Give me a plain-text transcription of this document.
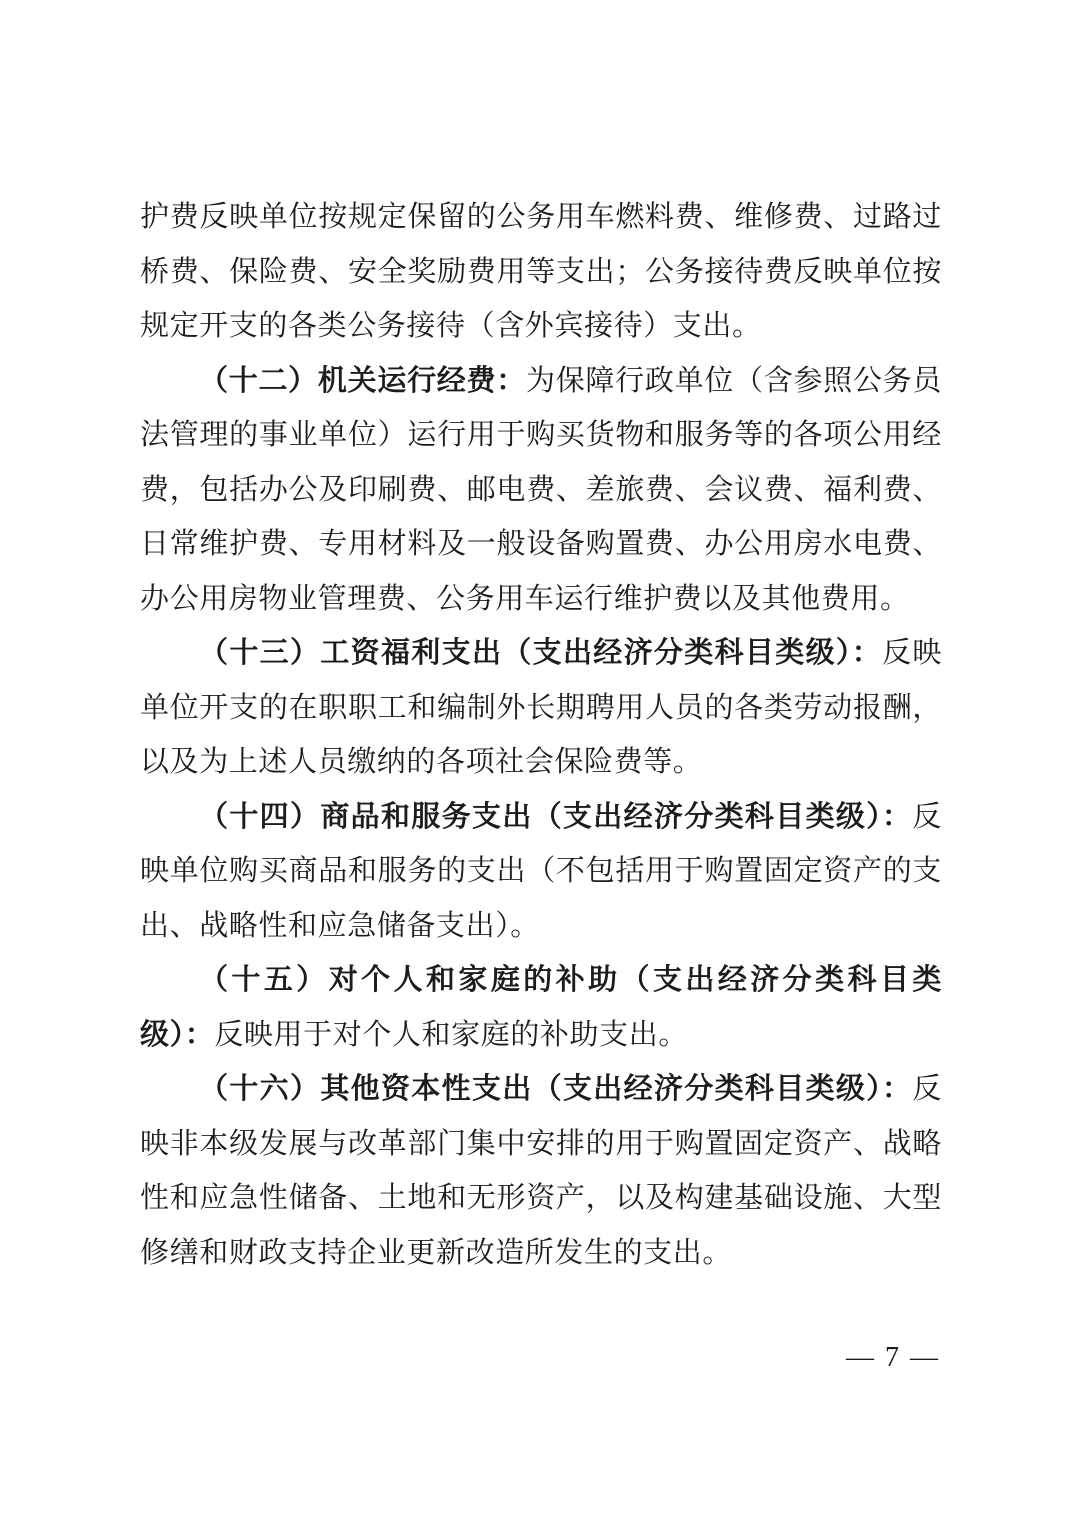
护费反映单位按规定保留的公务用车燃料费、维修费、过路过桥费、保险费、安全奖励费用等支出；公务接待费反映单位按规定开支的各类公务接待（含外宾接待）支出。

（十二）机关运行经费：为保障行政单位（含参照公务员法管理的事业单位）运行用于购买货物和服务等的各项公用经费，包括办公及印刷费、邮电费、差旅费、会议费、福利费、日常维护费、专用材料及一般设备购置费、办公用房水电费、办公用房物业管理费、公务用车运行维护费以及其他费用。

（十三）工资福利支出（支出经济分类科目类级）：反映单位开支的在职职工和编制外长期聘用人员的各类劳动报酬，以及为上述人员缴纳的各项社会保险费等。

（十四）商品和服务支出（支出经济分类科目类级）：反映单位购买商品和服务的支出（不包括用于购置固定资产的支出、战略性和应急储备支出）。

（十五）对个人和家庭的补助（支出经济分类科目类级）：反映用于对个人和家庭的补助支出。

（十六）其他资本性支出（支出经济分类科目类级）：反映非本级发展与改革部门集中安排的用于购置固定资产、战略性和应急性储备、土地和无形资产，以及构建基础设施、大型修缮和财政支持企业更新改造所发生的支出。

— 7 —
